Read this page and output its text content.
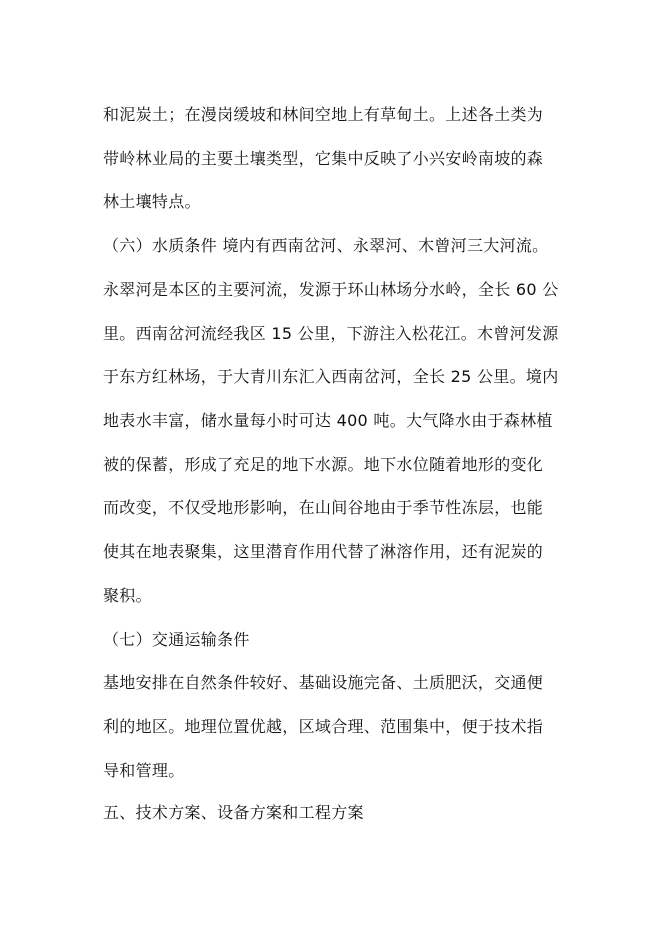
和泥炭土；在漫岗缓坡和林间空地上有草甸土。上述各土类为
带岭林业局的主要土壤类型，它集中反映了小兴安岭南坡的森
林土壤特点。
（六）水质条件 境内有西南岔河、永翠河、木曾河三大河流。
永翠河是本区的主要河流，发源于环山林场分水岭，全长 60 公
里。西南岔河流经我区 15 公里，下游注入松花江。木曾河发源
于东方红林场，于大青川东汇入西南岔河，全长 25 公里。境内
地表水丰富，储水量每小时可达 400 吨。大气降水由于森林植
被的保蓄，形成了充足的地下水源。地下水位随着地形的变化
而改变，不仅受地形影响，在山间谷地由于季节性冻层，也能
使其在地表聚集，这里潜育作用代替了淋溶作用，还有泥炭的
聚积。
（七）交通运输条件
基地安排在自然条件较好、基础设施完备、土质肥沃，交通便
利的地区。地理位置优越，区域合理、范围集中，便于技术指
导和管理。
五、技术方案、设备方案和工程方案
